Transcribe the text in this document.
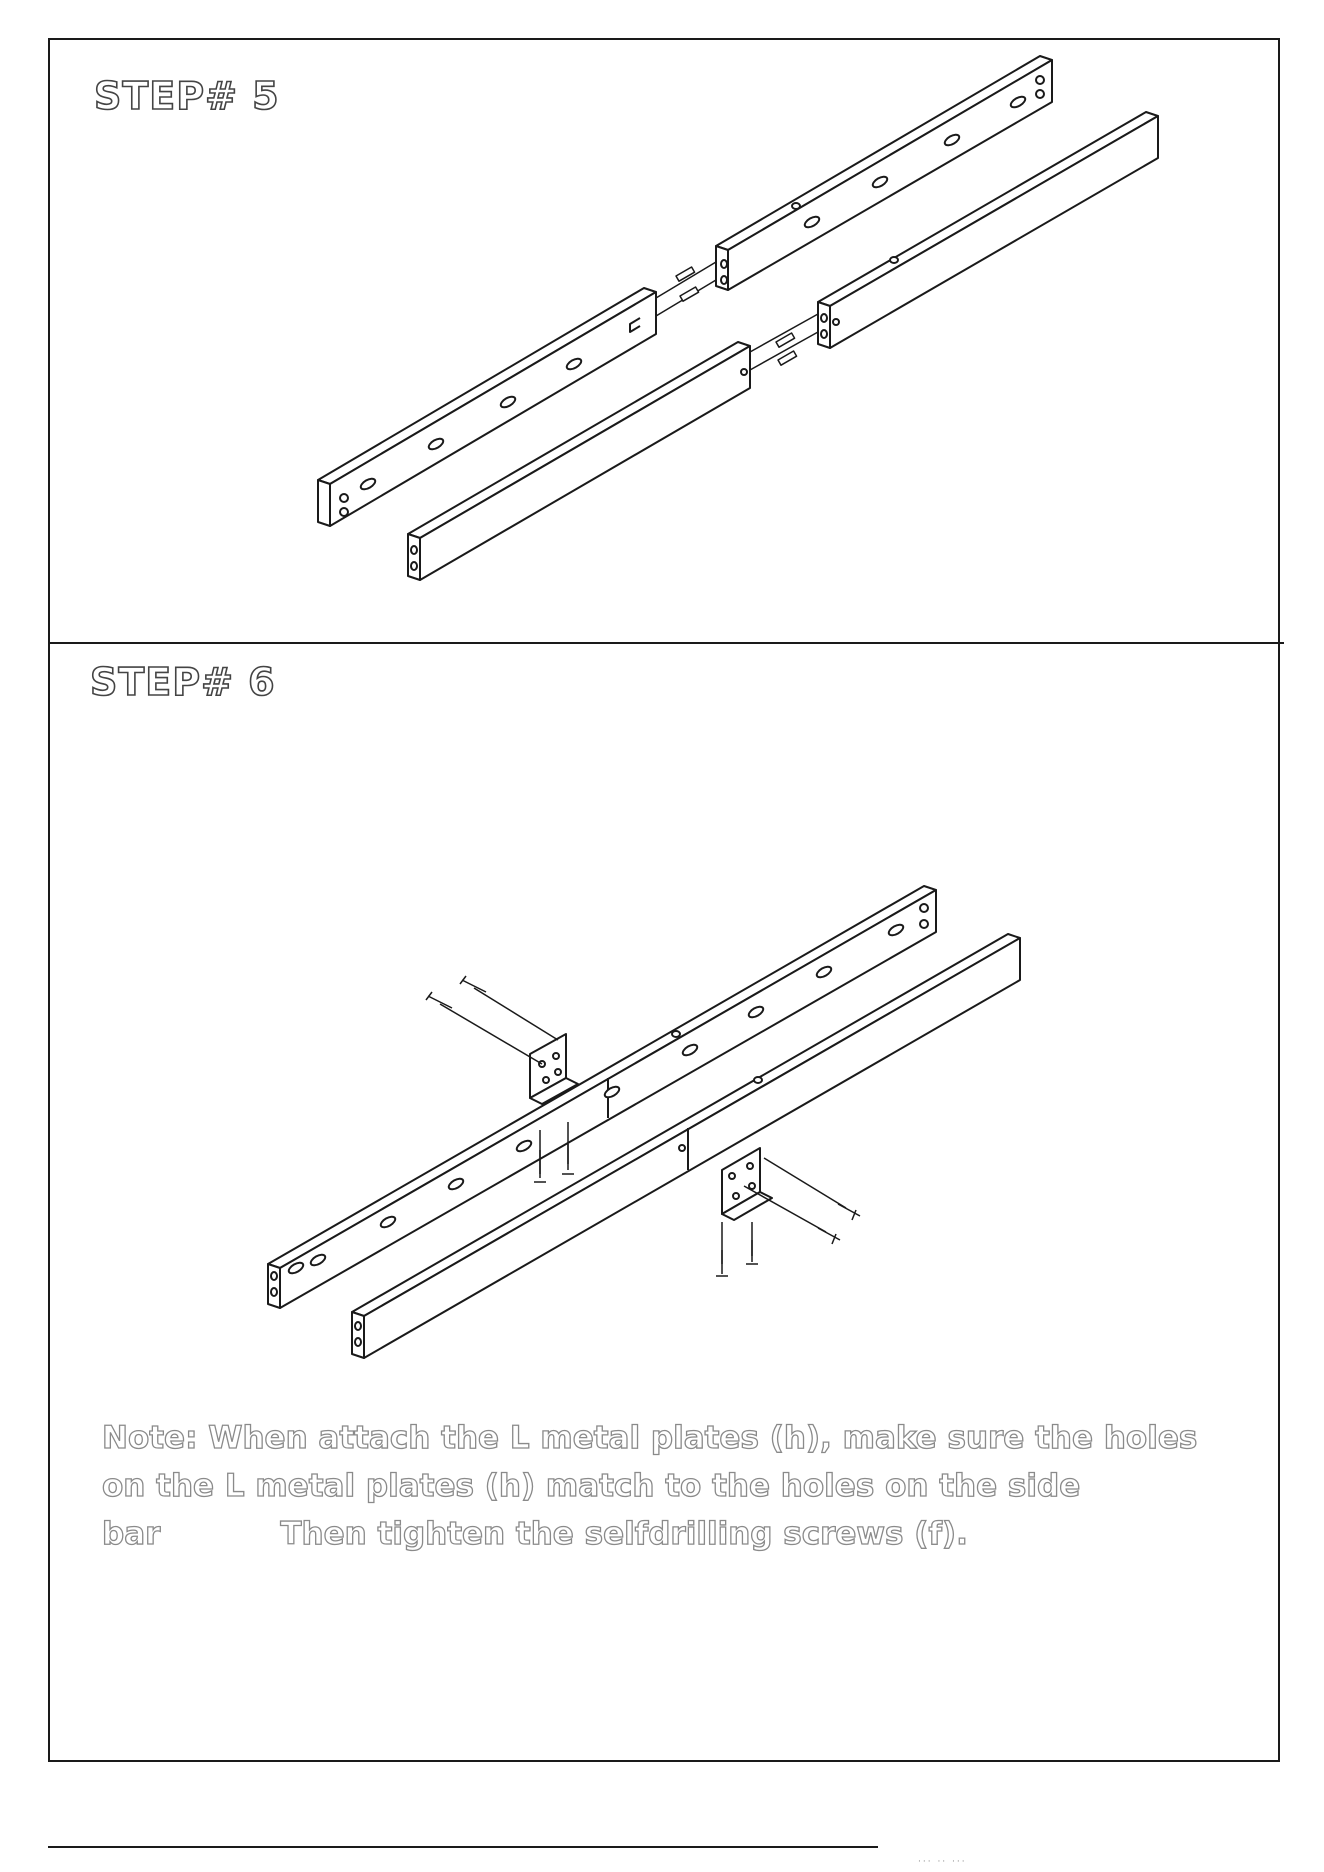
STEP# 5
STEP# 6
Note: When attach the L metal plates (h), make sure the holes
on the L metal plates (h) match to the holes on the side
bar	Then tighten the selfdrilling screws (f).
··· ·· ···
